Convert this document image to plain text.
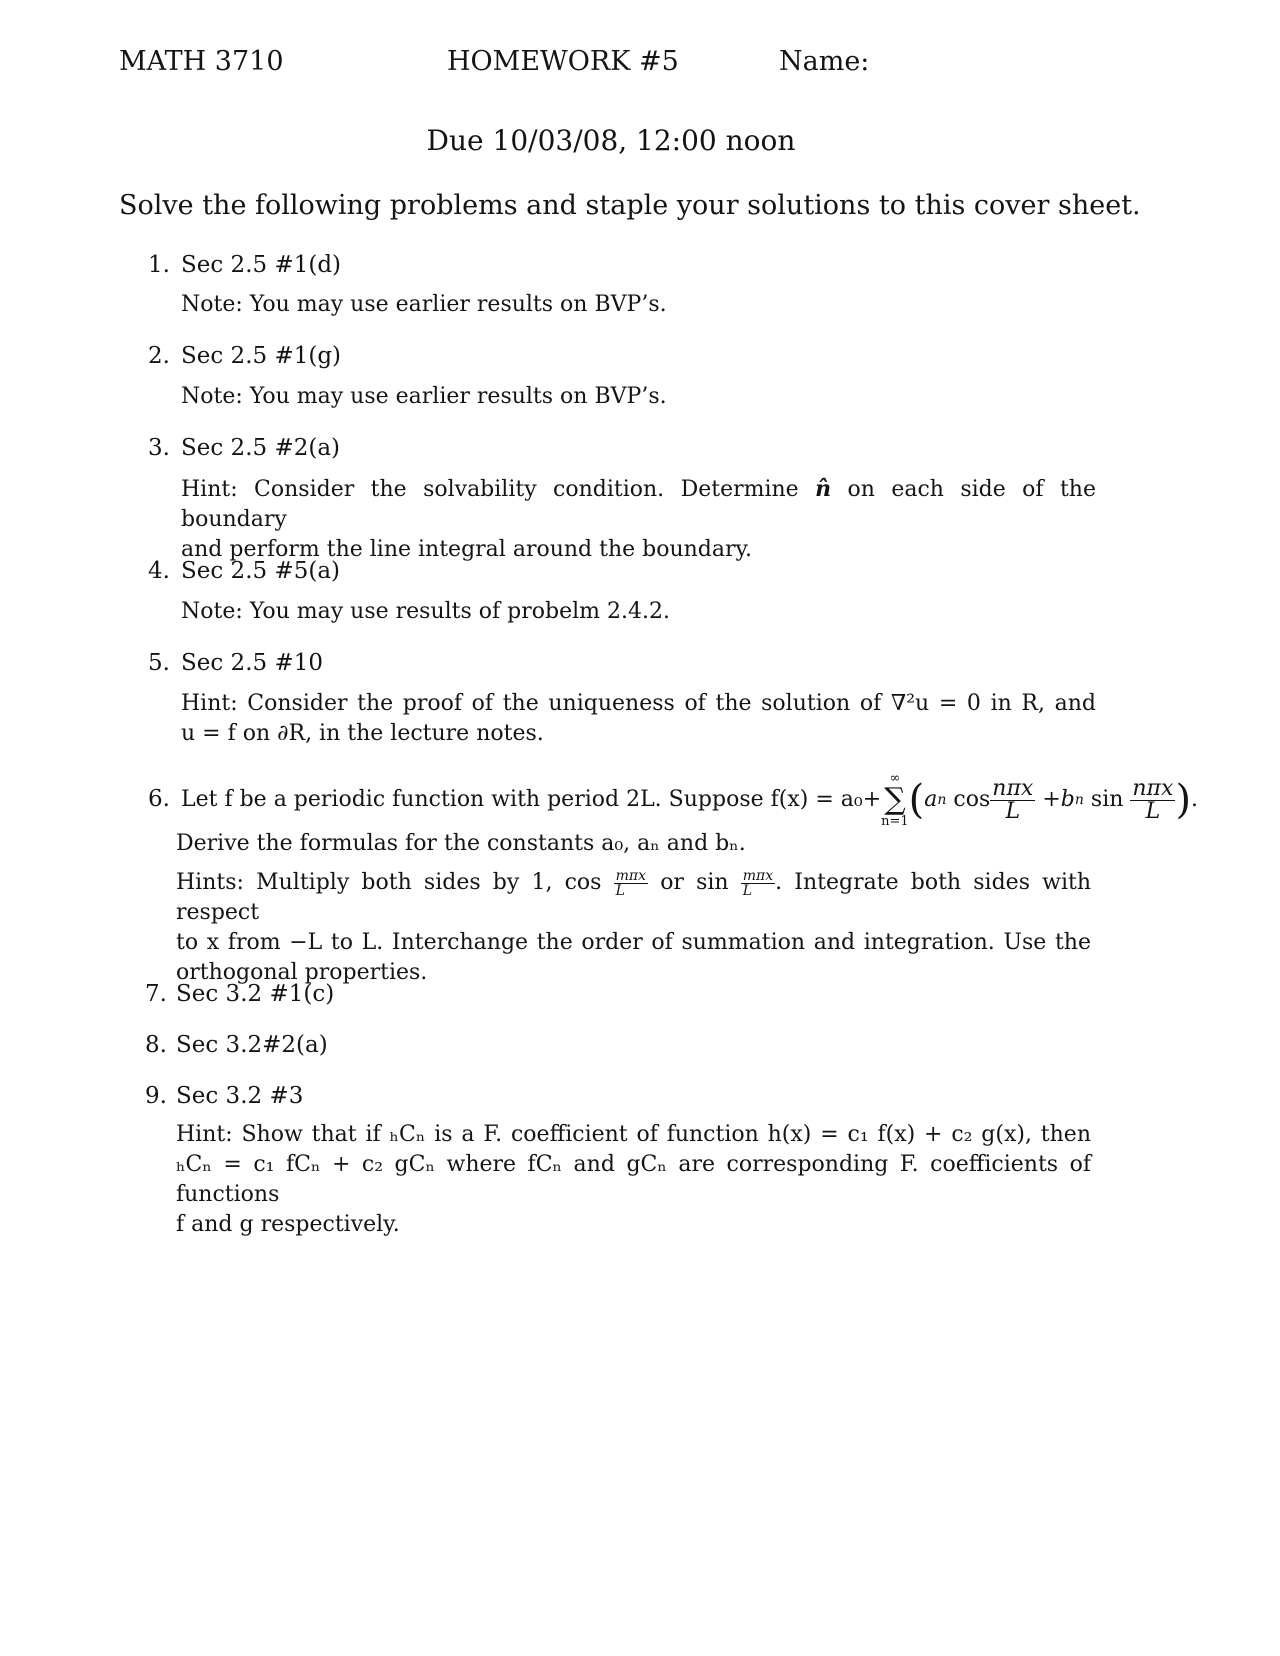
MATH 3710	HOMEWORK #5	Name:
Due 10/03/08, 12:00 noon
Solve the following problems and staple your solutions to this cover sheet.
1. Sec 2.5 #1(d)
Note: You may use earlier results on BVP’s.
2. Sec 2.5 #1(g)
Note: You may use earlier results on BVP’s.
3. Sec 2.5 #2(a)
Hint: Consider the solvability condition. Determine n̂ on each side of the boundary
and perform the line integral around the boundary.
4. Sec 2.5 #5(a)
Note: You may use results of probelm 2.4.2.
5. Sec 2.5 #10
Hint: Consider the proof of the uniqueness of the solution of ∇²u = 0 in R, and
u = f on ∂R, in the lecture notes.
6. Let f be a periodic function with period 2L. Suppose f(x) = a₀+
∞
∑
n=1 ( a n $\cos \frac{\text{nπx}}{L} + b$ n $\sin \frac{\text{nπx}}{L}$ ) .
Derive the formulas for the constants a₀, aₙ and bₙ.
Hints: Multiply both sides by 1, $\cos \frac{\text{mπx}}{L}$ or $\sin \frac{\text{mπx}}{L}$ . Integrate both sides with respect
to x from −L to L. Interchange the order of summation and integration. Use the
orthogonal properties.
7. Sec 3.2 #1(c)
8. Sec 3.2#2(a)
9. Sec 3.2 #3
Hint: Show that if ₕCₙ is a F. coefficient of function h(x) = c₁ f(x) + c₂ g(x), then
ₕCₙ = c₁ fCₙ + c₂ gCₙ where fCₙ and gCₙ are corresponding F. coefficients of functions
f and g respectively.
